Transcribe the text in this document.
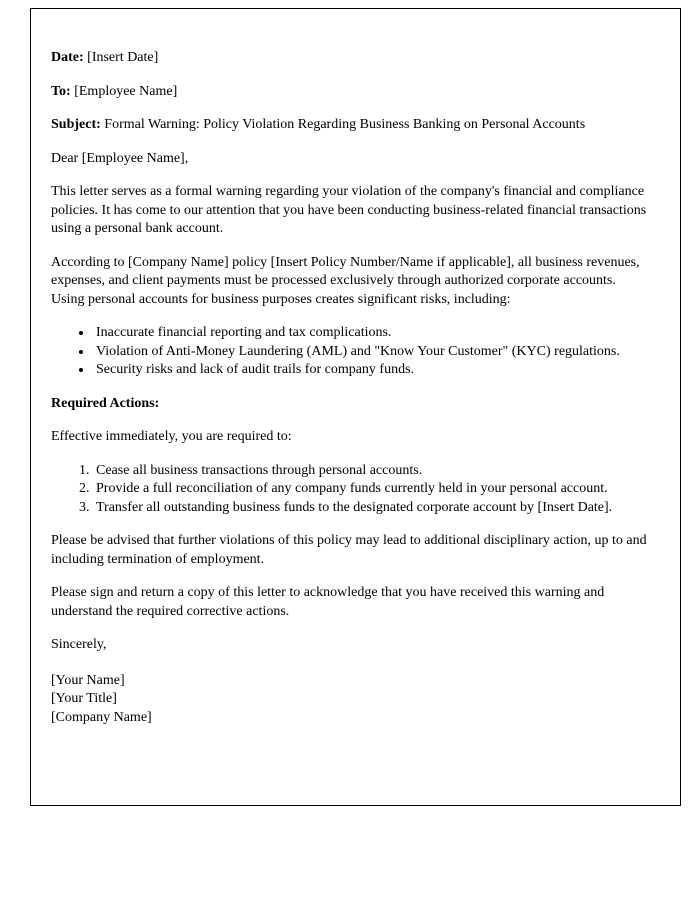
Date: [Insert Date]

To: [Employee Name]

Subject: Formal Warning: Policy Violation Regarding Business Banking on Personal Accounts

Dear [Employee Name],

This letter serves as a formal warning regarding your violation of the company's financial and compliance policies. It has come to our attention that you have been conducting business-related financial transactions using a personal bank account.

According to [Company Name] policy [Insert Policy Number/Name if applicable], all business revenues, expenses, and client payments must be processed exclusively through authorized corporate accounts. Using personal accounts for business purposes creates significant risks, including:

• Inaccurate financial reporting and tax complications.
• Violation of Anti-Money Laundering (AML) and "Know Your Customer" (KYC) regulations.
• Security risks and lack of audit trails for company funds.

Required Actions:

Effective immediately, you are required to:

1. Cease all business transactions through personal accounts.
2. Provide a full reconciliation of any company funds currently held in your personal account.
3. Transfer all outstanding business funds to the designated corporate account by [Insert Date].

Please be advised that further violations of this policy may lead to additional disciplinary action, up to and including termination of employment.

Please sign and return a copy of this letter to acknowledge that you have received this warning and understand the required corrective actions.

Sincerely,

[Your Name]

[Your Title]

[Company Name]
